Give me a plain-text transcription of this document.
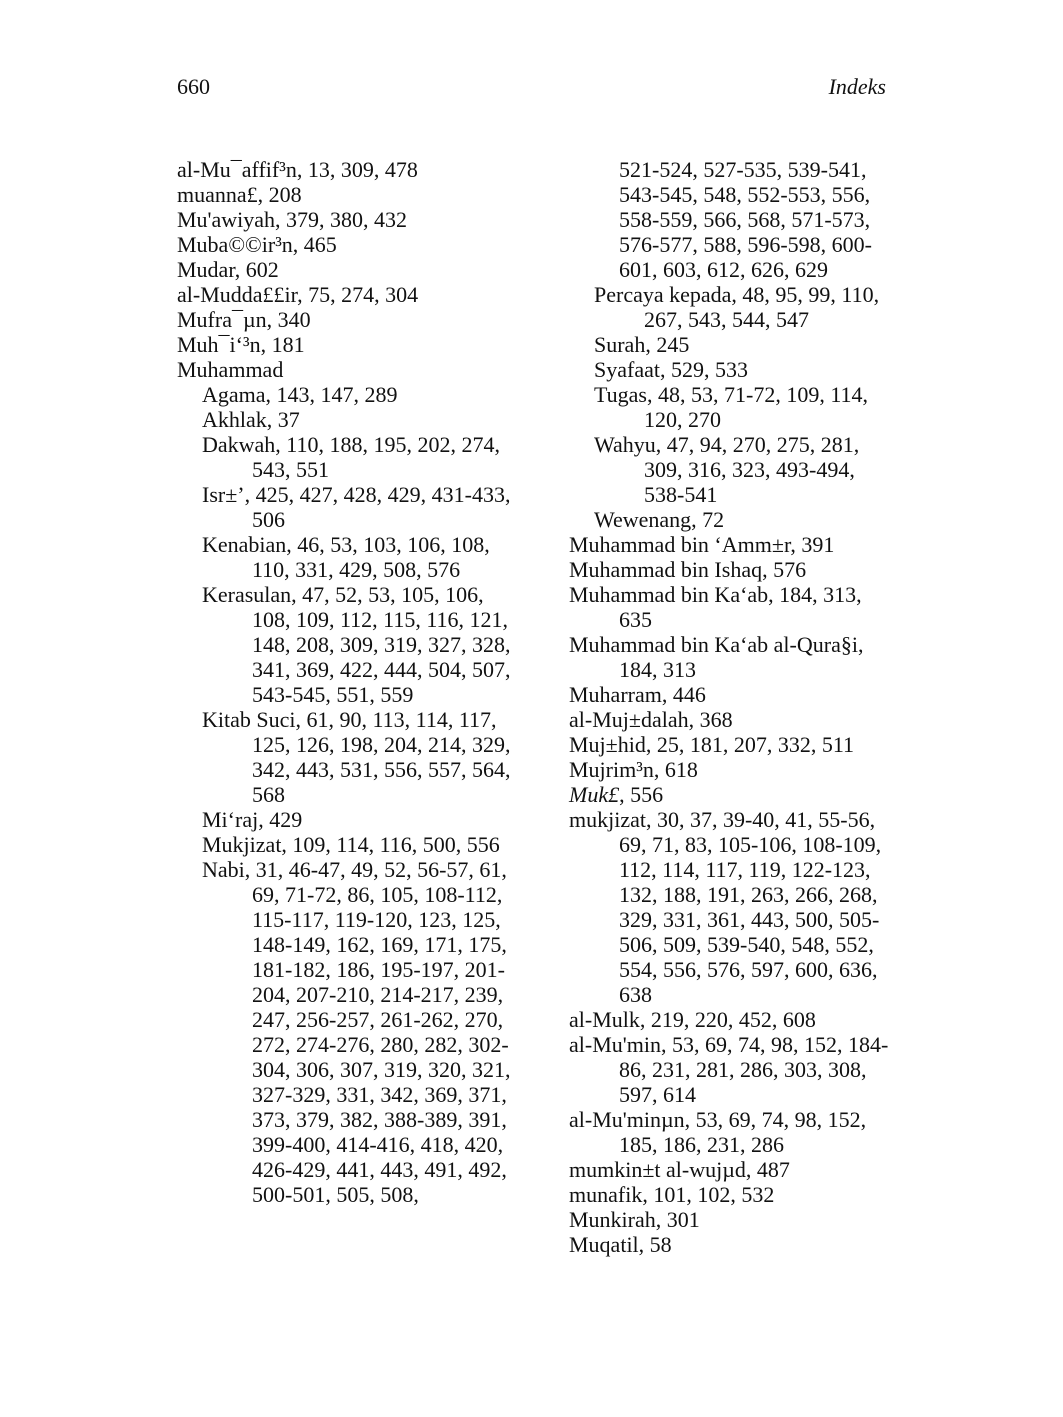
660	Indeks
al-Mu¯affif³n, 13, 309, 478
muanna£, 208
Mu'awiyah, 379, 380, 432
Muba©©ir³n, 465
Mudar, 602
al-Mudda££ir, 75, 274, 304
Mufra¯µn, 340
Muh¯i‘³n, 181
Muhammad
Agama, 143, 147, 289
Akhlak, 37
Dakwah, 110, 188, 195, 202, 274, 543, 551
Isr±’, 425, 427, 428, 429, 431-433, 506
Kenabian, 46, 53, 103, 106, 108, 110, 331, 429, 508, 576
Kerasulan, 47, 52, 53, 105, 106, 108, 109, 112, 115, 116, 121, 148, 208, 309, 319, 327, 328, 341, 369, 422, 444, 504, 507, 543-545, 551, 559
Kitab Suci, 61, 90, 113, 114, 117, 125, 126, 198, 204, 214, 329, 342, 443, 531, 556, 557, 564, 568
Mi‘raj, 429
Mukjizat, 109, 114, 116, 500, 556
Nabi, 31, 46-47, 49, 52, 56-57, 61, 69, 71-72, 86, 105, 108-112, 115-117, 119-120, 123, 125, 148-149, 162, 169, 171, 175, 181-182, 186, 195-197, 201-204, 207-210, 214-217, 239, 247, 256-257, 261-262, 270, 272, 274-276, 280, 282, 302-304, 306, 307, 319, 320, 321, 327-329, 331, 342, 369, 371, 373, 379, 382, 388-389, 391, 399-400, 414-416, 418, 420, 426-429, 441, 443, 491, 492, 500-501, 505, 508,
521-524, 527-535, 539-541, 543-545, 548, 552-553, 556, 558-559, 566, 568, 571-573, 576-577, 588, 596-598, 600-601, 603, 612, 626, 629
Percaya kepada, 48, 95, 99, 110, 267, 543, 544, 547
Surah, 245
Syafaat, 529, 533
Tugas, 48, 53, 71-72, 109, 114, 120, 270
Wahyu, 47, 94, 270, 275, 281, 309, 316, 323, 493-494, 538-541
Wewenang, 72
Muhammad bin ‘Amm±r, 391
Muhammad bin Ishaq, 576
Muhammad bin Ka‘ab, 184, 313, 635
Muhammad bin Ka‘ab al-Qura§i, 184, 313
Muharram, 446
al-Muj±dalah, 368
Muj±hid, 25, 181, 207, 332, 511
Mujrim³n, 618
Muk£, 556
mukjizat, 30, 37, 39-40, 41, 55-56, 69, 71, 83, 105-106, 108-109, 112, 114, 117, 119, 122-123, 132, 188, 191, 263, 266, 268, 329, 331, 361, 443, 500, 505-506, 509, 539-540, 548, 552, 554, 556, 576, 597, 600, 636, 638
al-Mulk, 219, 220, 452, 608
al-Mu'min, 53, 69, 74, 98, 152, 184-86, 231, 281, 286, 303, 308, 597, 614
al-Mu'minµn, 53, 69, 74, 98, 152, 185, 186, 231, 286
mumkin±t al-wujµd, 487
munafik, 101, 102, 532
Munkirah, 301
Muqatil, 58
